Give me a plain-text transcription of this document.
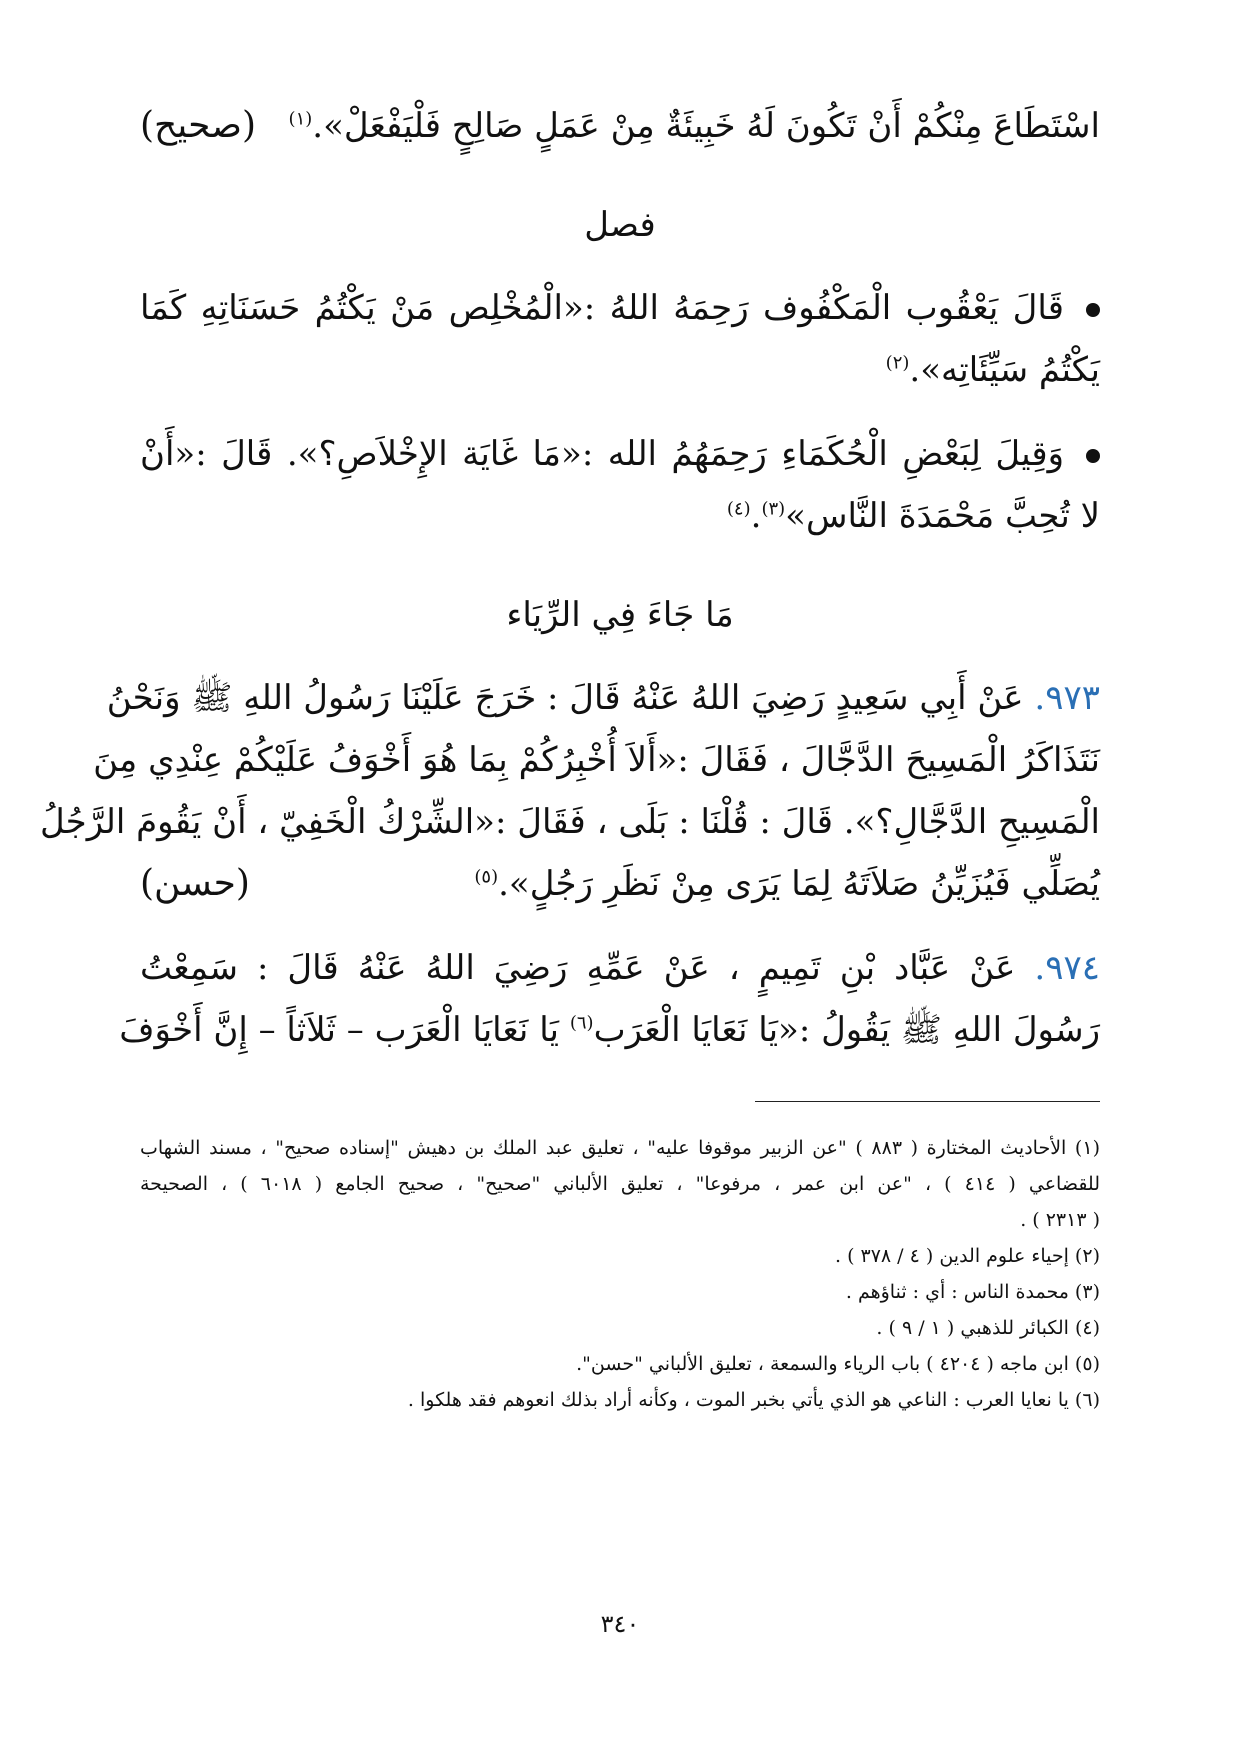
اسْتَطَاعَ مِنْكُمْ أَنْ تَكُونَ لَهُ خَبِيئَةٌ مِنْ عَمَلٍ صَالِحٍ فَلْيَفْعَلْ».$^{(١)}$
(صحيح)
فصل
قَالَ يَعْقُوب الْمَكْفُوف رَحِمَهُ اللهُ :«الْمُخْلِص مَنْ يَكْتُمُ حَسَنَاتِهِ كَمَا
يَكْتُمُ سَيِّئَاتِه».$^{(٢)}$
وَقِيلَ لِبَعْضِ الْحُكَمَاءِ رَحِمَهُمُ الله :«مَا غَايَة الإِخْلاَصِ؟». قَالَ :«أَنْ
لا تُحِبَّ مَحْمَدَةَ النَّاس»$^{(٣)}$.$^{(٤)}$
مَا جَاءَ فِي الرِّيَاء
٩٧٣. عَنْ أَبِي سَعِيدٍ رَضِيَ اللهُ عَنْهُ قَالَ : خَرَجَ عَلَيْنَا رَسُولُ اللهِ ﷺ وَنَحْنُ
نَتَذَاكَرُ الْمَسِيحَ الدَّجَّالَ ، فَقَالَ :«أَلاَ أُخْبِرُكُمْ بِمَا هُوَ أَخْوَفُ عَلَيْكُمْ عِنْدِي مِنَ
الْمَسِيحِ الدَّجَّالِ؟». قَالَ : قُلْنَا : بَلَى ، فَقَالَ :«الشِّرْكُ الْخَفِيّ ، أَنْ يَقُومَ الرَّجُلُ
يُصَلِّي فَيُزَيِّنُ صَلاَتَهُ لِمَا يَرَى مِنْ نَظَرِ رَجُلٍ».$^{(٥)}$
(حسن)
٩٧٤. عَنْ عَبَّاد بْنِ تَمِيمٍ ، عَنْ عَمِّهِ رَضِيَ اللهُ عَنْهُ قَالَ : سَمِعْتُ
رَسُولَ اللهِ ﷺ يَقُولُ :«يَا نَعَايَا الْعَرَب$^{(٦)}$ يَا نَعَايَا الْعَرَب – ثَلاَثاً – إِنَّ أَخْوَفَ
(١) الأحاديث المختارة ( ٨٨٣ ) "عن الزبير موقوفا عليه" ، تعليق عبد الملك بن دهيش "إسناده صحيح" ، مسند الشهاب
للقضاعي ( ٤١٤ ) ، "عن ابن عمر ، مرفوعا" ، تعليق الألباني "صحيح" ، صحيح الجامع ( ٦٠١٨ ) ، الصحيحة
( ٢٣١٣ ) .
(٢) إحياء علوم الدين ( ٤ / ٣٧٨ ) .
(٣) محمدة الناس : أي : ثناؤهم .
(٤) الكبائر للذهبي ( ١ / ٩ ) .
(٥) ابن ماجه ( ٤٢٠٤ ) باب الرياء والسمعة ، تعليق الألباني "حسن".
(٦) يا نعايا العرب : الناعي هو الذي يأتي بخبر الموت ، وكأنه أراد بذلك انعوهم فقد هلكوا .
٣٤٠
